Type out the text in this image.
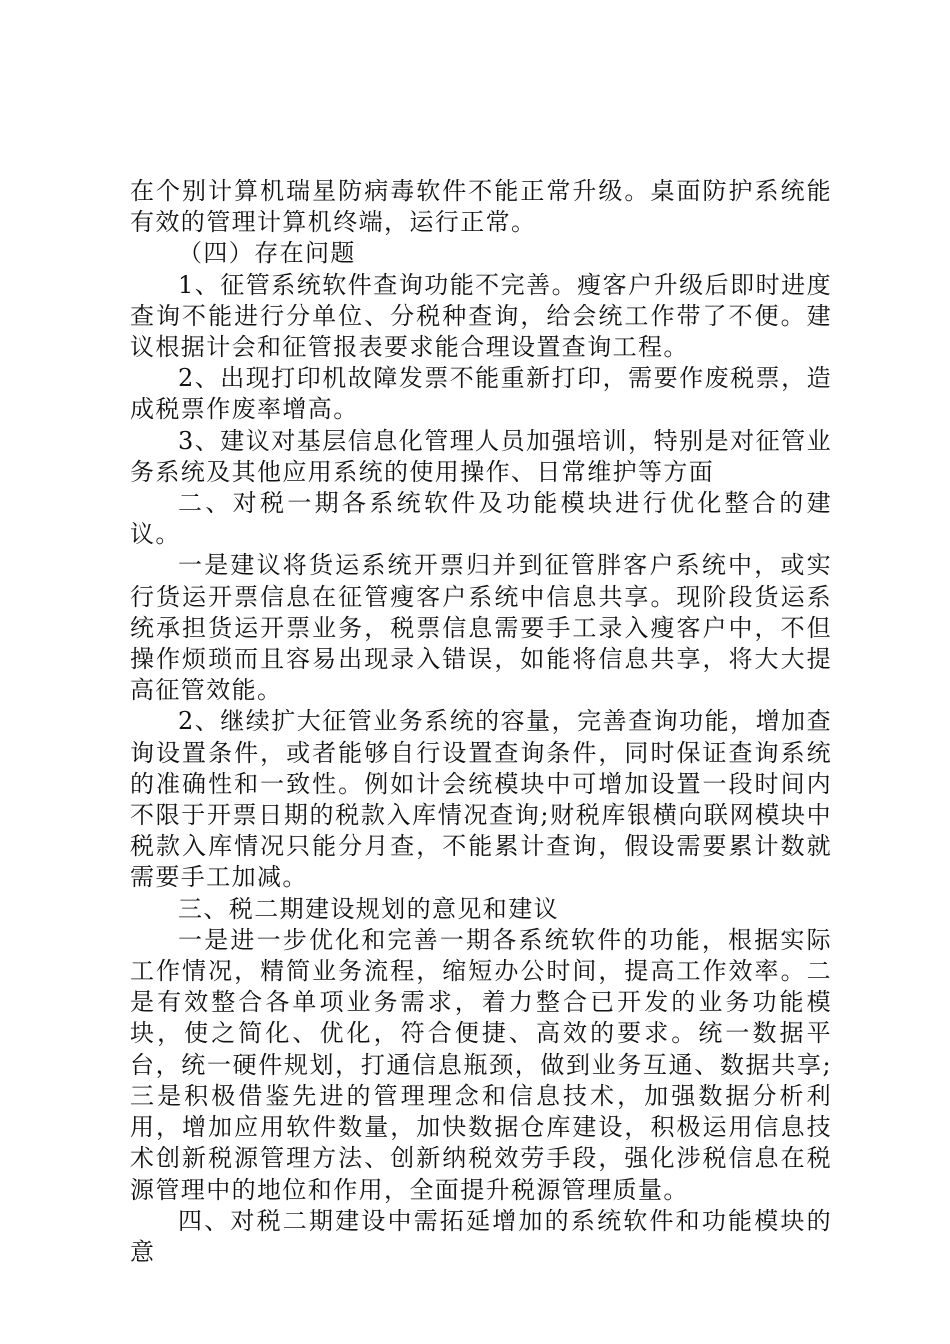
在个别计算机瑞星防病毒软件不能正常升级。桌面防护系统能有效的管理计算机终端，运行正常。

（四）存在问题

1、征管系统软件查询功能不完善。瘦客户升级后即时进度查询不能进行分单位、分税种查询，给会统工作带了不便。建议根据计会和征管报表要求能合理设置查询工程。

2、出现打印机故障发票不能重新打印，需要作废税票，造成税票作废率增高。

3、建议对基层信息化管理人员加强培训，特别是对征管业务系统及其他应用系统的使用操作、日常维护等方面

二、对税一期各系统软件及功能模块进行优化整合的建议。

一是建议将货运系统开票归并到征管胖客户系统中，或实行货运开票信息在征管瘦客户系统中信息共享。现阶段货运系统承担货运开票业务，税票信息需要手工录入瘦客户中，不但操作烦琐而且容易出现录入错误，如能将信息共享，将大大提高征管效能。

2、继续扩大征管业务系统的容量，完善查询功能，增加查询设置条件，或者能够自行设置查询条件，同时保证查询系统的准确性和一致性。例如计会统模块中可增加设置一段时间内不限于开票日期的税款入库情况查询;财税库银横向联网模块中税款入库情况只能分月查，不能累计查询，假设需要累计数就需要手工加减。

三、税二期建设规划的意见和建议

一是进一步优化和完善一期各系统软件的功能，根据实际工作情况，精简业务流程，缩短办公时间，提高工作效率。二是有效整合各单项业务需求，着力整合已开发的业务功能模块，使之简化、优化，符合便捷、高效的要求。统一数据平台，统一硬件规划，打通信息瓶颈，做到业务互通、数据共享;三是积极借鉴先进的管理理念和信息技术，加强数据分析利用，增加应用软件数量，加快数据仓库建设，积极运用信息技术创新税源管理方法、创新纳税效劳手段，强化涉税信息在税源管理中的地位和作用，全面提升税源管理质量。

四、对税二期建设中需拓延增加的系统软件和功能模块的意
